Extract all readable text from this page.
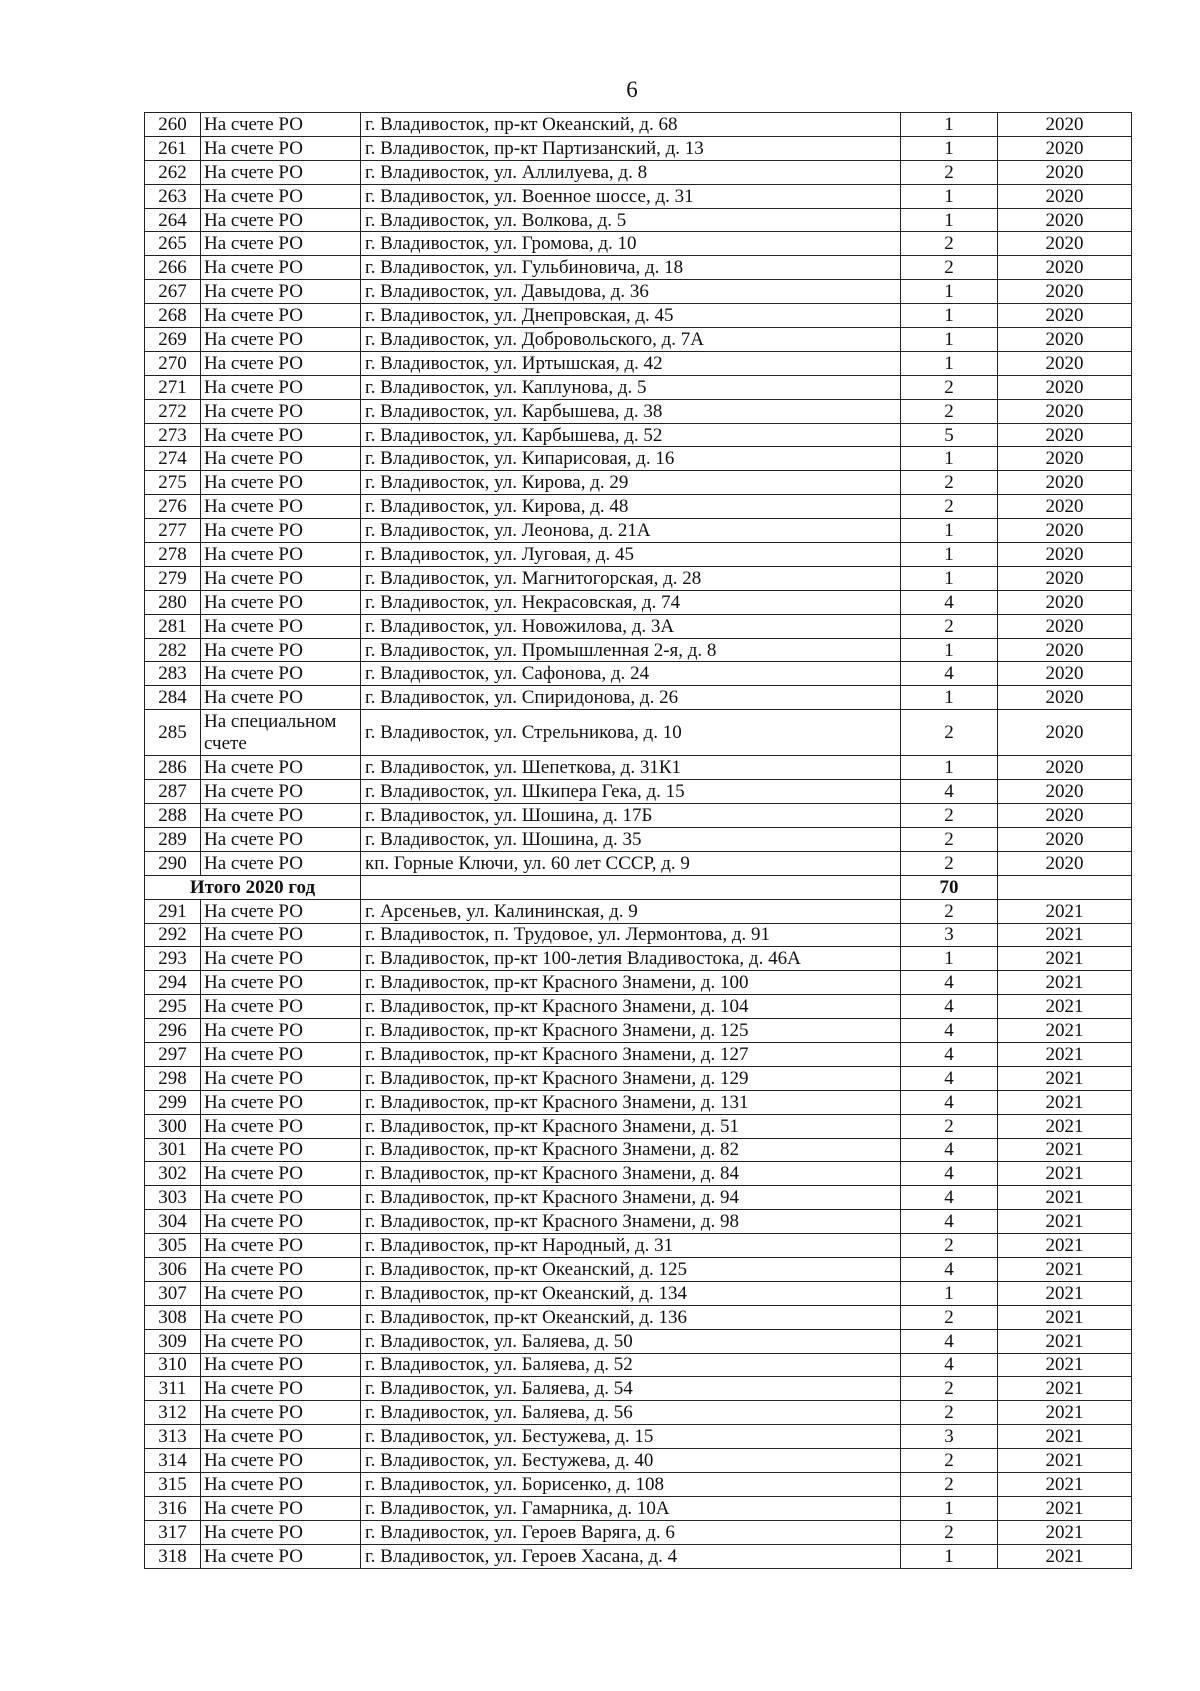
6
260	На счете РО	г. Владивосток, пр-кт Океанский, д. 68	1	2020
261	На счете РО	г. Владивосток, пр-кт Партизанский, д. 13	1	2020
262	На счете РО	г. Владивосток, ул. Аллилуева, д. 8	2	2020
263	На счете РО	г. Владивосток, ул. Военное шоссе, д. 31	1	2020
264	На счете РО	г. Владивосток, ул. Волкова, д. 5	1	2020
265	На счете РО	г. Владивосток, ул. Громова, д. 10	2	2020
266	На счете РО	г. Владивосток, ул. Гульбиновича, д. 18	2	2020
267	На счете РО	г. Владивосток, ул. Давыдова, д. 36	1	2020
268	На счете РО	г. Владивосток, ул. Днепровская, д. 45	1	2020
269	На счете РО	г. Владивосток, ул. Добровольского, д. 7А	1	2020
270	На счете РО	г. Владивосток, ул. Иртышская, д. 42	1	2020
271	На счете РО	г. Владивосток, ул. Каплунова, д. 5	2	2020
272	На счете РО	г. Владивосток, ул. Карбышева, д. 38	2	2020
273	На счете РО	г. Владивосток, ул. Карбышева, д. 52	5	2020
274	На счете РО	г. Владивосток, ул. Кипарисовая, д. 16	1	2020
275	На счете РО	г. Владивосток, ул. Кирова, д. 29	2	2020
276	На счете РО	г. Владивосток, ул. Кирова, д. 48	2	2020
277	На счете РО	г. Владивосток, ул. Леонова, д. 21А	1	2020
278	На счете РО	г. Владивосток, ул. Луговая, д. 45	1	2020
279	На счете РО	г. Владивосток, ул. Магнитогорская, д. 28	1	2020
280	На счете РО	г. Владивосток, ул. Некрасовская, д. 74	4	2020
281	На счете РО	г. Владивосток, ул. Новожилова, д. 3А	2	2020
282	На счете РО	г. Владивосток, ул. Промышленная 2-я, д. 8	1	2020
283	На счете РО	г. Владивосток, ул. Сафонова, д. 24	4	2020
284	На счете РО	г. Владивосток, ул. Спиридонова, д. 26	1	2020
285	На специальном счете	г. Владивосток, ул. Стрельникова, д. 10	2	2020
286	На счете РО	г. Владивосток, ул. Шепеткова, д. 31К1	1	2020
287	На счете РО	г. Владивосток, ул. Шкипера Гека, д. 15	4	2020
288	На счете РО	г. Владивосток, ул. Шошина, д. 17Б	2	2020
289	На счете РО	г. Владивосток, ул. Шошина, д. 35	2	2020
290	На счете РО	кп. Горные Ключи, ул. 60 лет СССР, д. 9	2	2020
Итого 2020 год			70	
291	На счете РО	г. Арсеньев, ул. Калининская, д. 9	2	2021
292	На счете РО	г. Владивосток, п. Трудовое, ул. Лермонтова, д. 91	3	2021
293	На счете РО	г. Владивосток, пр-кт 100-летия Владивостока, д. 46А	1	2021
294	На счете РО	г. Владивосток, пр-кт Красного Знамени, д. 100	4	2021
295	На счете РО	г. Владивосток, пр-кт Красного Знамени, д. 104	4	2021
296	На счете РО	г. Владивосток, пр-кт Красного Знамени, д. 125	4	2021
297	На счете РО	г. Владивосток, пр-кт Красного Знамени, д. 127	4	2021
298	На счете РО	г. Владивосток, пр-кт Красного Знамени, д. 129	4	2021
299	На счете РО	г. Владивосток, пр-кт Красного Знамени, д. 131	4	2021
300	На счете РО	г. Владивосток, пр-кт Красного Знамени, д. 51	2	2021
301	На счете РО	г. Владивосток, пр-кт Красного Знамени, д. 82	4	2021
302	На счете РО	г. Владивосток, пр-кт Красного Знамени, д. 84	4	2021
303	На счете РО	г. Владивосток, пр-кт Красного Знамени, д. 94	4	2021
304	На счете РО	г. Владивосток, пр-кт Красного Знамени, д. 98	4	2021
305	На счете РО	г. Владивосток, пр-кт Народный, д. 31	2	2021
306	На счете РО	г. Владивосток, пр-кт Океанский, д. 125	4	2021
307	На счете РО	г. Владивосток, пр-кт Океанский, д. 134	1	2021
308	На счете РО	г. Владивосток, пр-кт Океанский, д. 136	2	2021
309	На счете РО	г. Владивосток, ул. Баляева, д. 50	4	2021
310	На счете РО	г. Владивосток, ул. Баляева, д. 52	4	2021
311	На счете РО	г. Владивосток, ул. Баляева, д. 54	2	2021
312	На счете РО	г. Владивосток, ул. Баляева, д. 56	2	2021
313	На счете РО	г. Владивосток, ул. Бестужева, д. 15	3	2021
314	На счете РО	г. Владивосток, ул. Бестужева, д. 40	2	2021
315	На счете РО	г. Владивосток, ул. Борисенко, д. 108	2	2021
316	На счете РО	г. Владивосток, ул. Гамарника, д. 10А	1	2021
317	На счете РО	г. Владивосток, ул. Героев Варяга, д. 6	2	2021
318	На счете РО	г. Владивосток, ул. Героев Хасана, д. 4	1	2021
